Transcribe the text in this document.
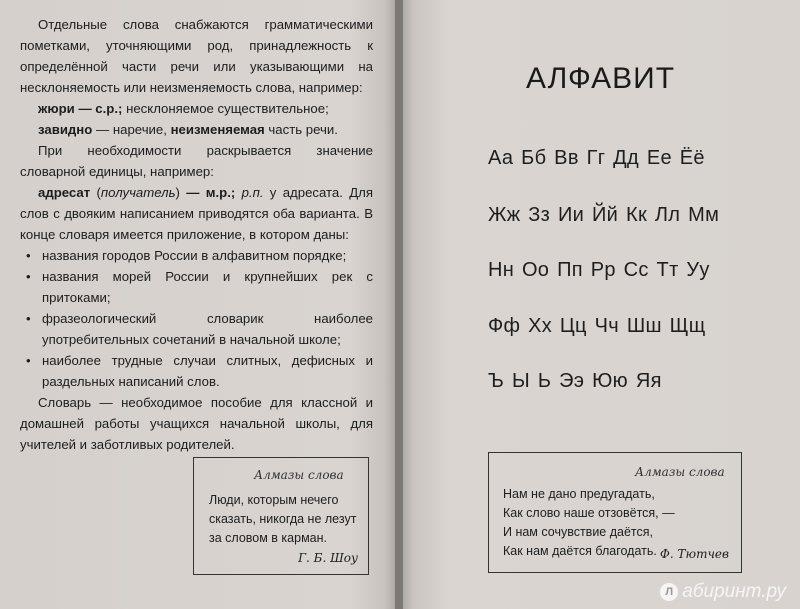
Отдельные слова снабжаются грамматическими пометками, уточняющими род, принадлежность к определённой части речи или указывающими на несклоняемость или неизменяемость слова, например:

жюри — с.р.; несклоняемое существительное;

завидно — наречие, неизменяемая часть речи.

При необходимости раскрывается значение словарной единицы, например:

адресат (получатель) — м.р.; р.п. у адресата. Для слов с двояким написанием приводятся оба варианта. В конце словаря имеется приложение, в котором даны:

• названия городов России в алфавитном порядке;
• названия морей России и крупнейших рек с притоками;
• фразеологический словарик наиболее употребительных сочетаний в начальной школе;
• наиболее трудные случаи слитных, дефисных и раздельных написаний слов.

Словарь — необходимое пособие для классной и домашней работы учащихся начальной школы, для учителей и заботливых родителей.

Алмазы слова
Люди, которым нечего
сказать, никогда не лезут
за словом в карман.
Г. Б. Шоу
АЛФАВИТ
Аа Бб Вв Гг Дд Ее Ёё
Жж Зз Ии Йй Кк Лл Мм
Нн Оо Пп Рр Сс Тт Уу
Фф Хх Цц Чч Шш Щщ
Ъ Ы Ь Ээ Юю Яя
Алмазы слова
Нам не дано предугадать,
Как слово наше отзовётся, —
И нам сочувствие даётся,
Как нам даётся благодать. Ф. Тютчев
Л абиринт.ру
